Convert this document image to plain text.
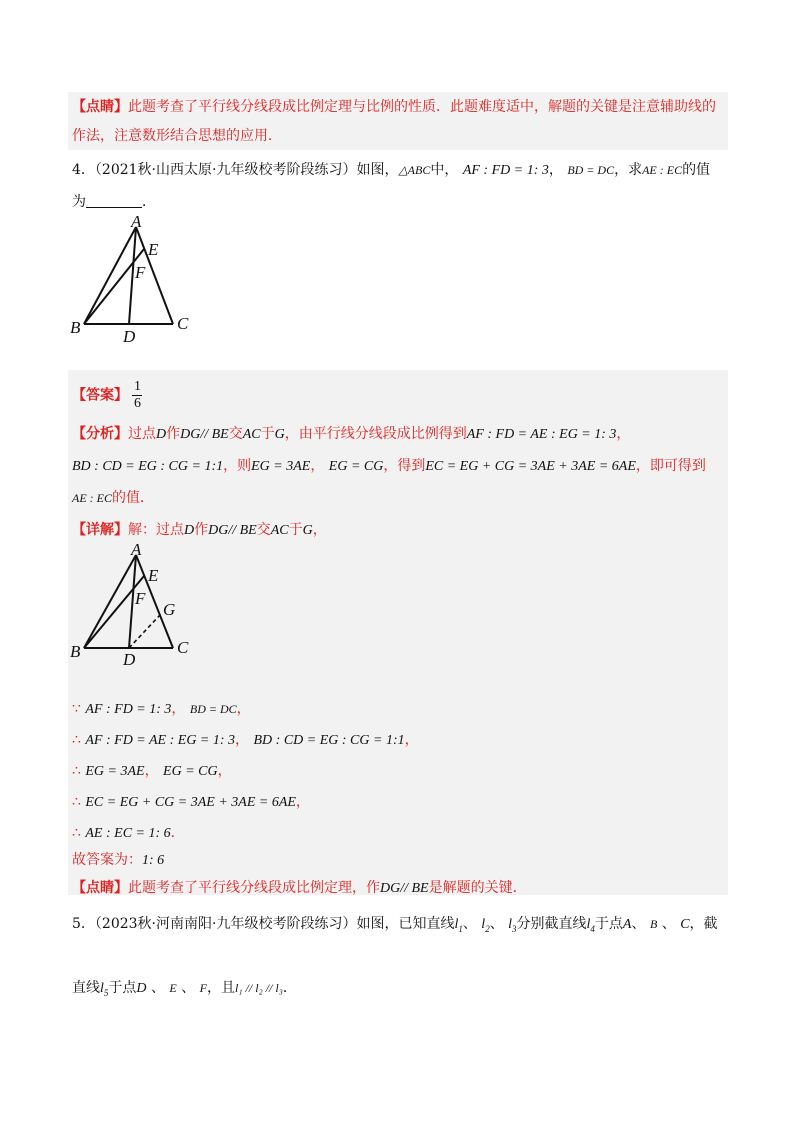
【点睛】此题考查了平行线分线段成比例定理与比例的性质．此题难度适中，解题的关键是注意辅助线的
作法，注意数形结合思想的应用．
4．（2021秋·山西太原·九年级校考阶段练习）如图，△ABC中， AF : FD = 1: 3， BD = DC，求AE : EC的值
为	．
A
E
F
B	D
C
【答案】 $\frac{1}{6}$
【分析】过点D作DG// BE交AC于G，由平行线分线段成比例得到AF : FD = AE : EG = 1: 3，
BD : CD = EG : CG = 1:1，则EG = 3AE， EG = CG，得到EC = EG + CG = 3AE + 3AE = 6AE，即可得到
AE : EC的值．
【详解】解：过点D作DG// BE交AC于G，
A
E
F
G
B	D
C
∵ AF : FD = 1: 3， BD = DC，
∴ AF : FD = AE : EG = 1: 3， BD : CD = EG : CG = 1:1，
∴ EG = 3AE， EG = CG，
∴ EC = EG + CG = 3AE + 3AE = 6AE，
∴ AE : EC = 1: 6．
故答案为：1: 6
【点睛】此题考查了平行线分线段成比例定理，作DG// BE是解题的关键．
5．（2023秋·河南南阳·九年级校考阶段练习）如图，已知直线$l_1$、 $l_2$、 $l_3$分别截直线$l_4$于点A、 B 、 C，截
直线$l_5$于点D 、 E 、 F，且l₁ // l₂ // l₃．
